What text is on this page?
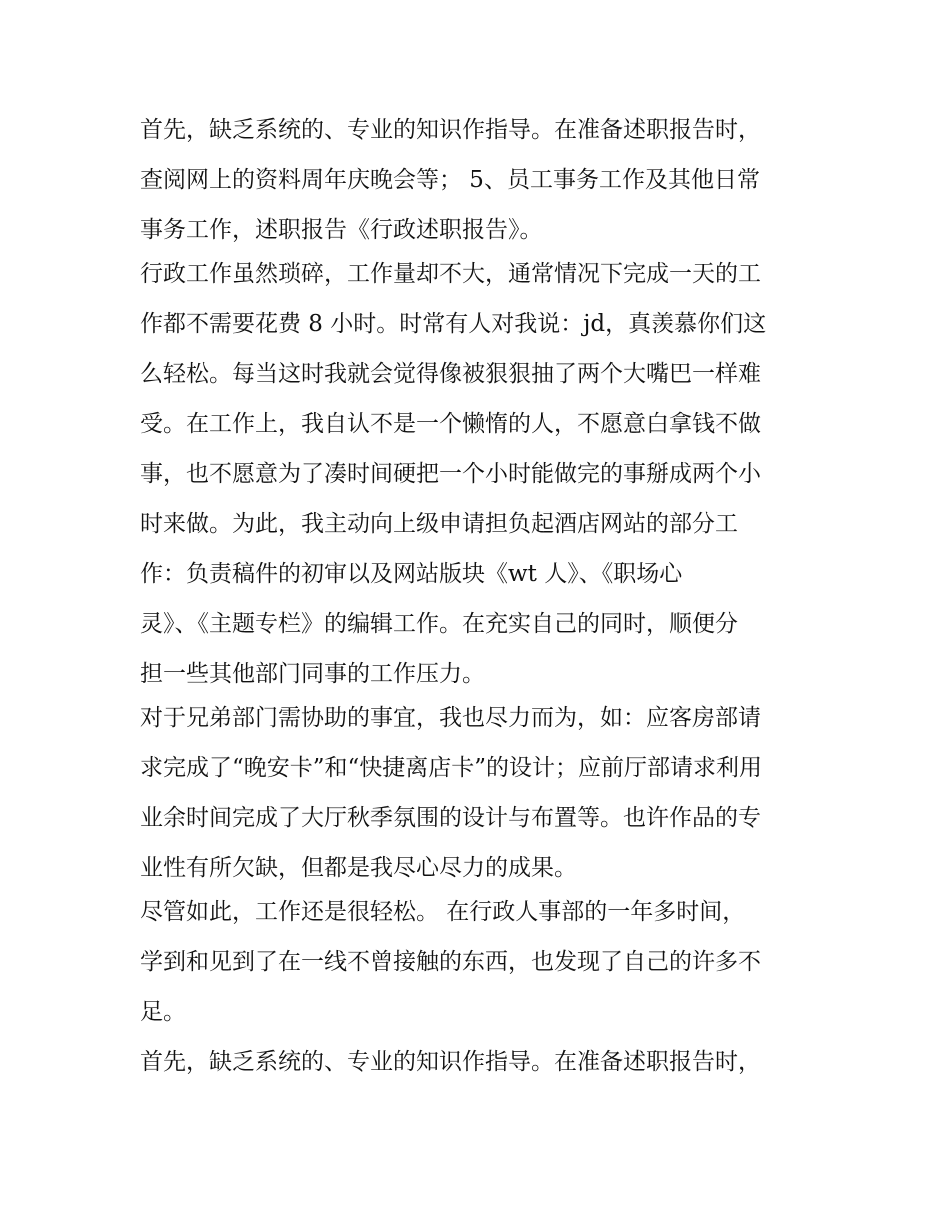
首先，缺乏系统的、专业的知识作指导。在准备述职报告时，
查阅网上的资料周年庆晚会等； 5、员工事务工作及其他日常
事务工作，述职报告《行政述职报告》。
行政工作虽然琐碎，工作量却不大，通常情况下完成一天的工
作都不需要花费 8 小时。时常有人对我说：jd，真羡慕你们这
么轻松。每当这时我就会觉得像被狠狠抽了两个大嘴巴一样难
受。在工作上，我自认不是一个懒惰的人，不愿意白拿钱不做
事，也不愿意为了凑时间硬把一个小时能做完的事掰成两个小
时来做。为此，我主动向上级申请担负起酒店网站的部分工
作：负责稿件的初审以及网站版块《wt 人》、《职场心
灵》、《主题专栏》的编辑工作。在充实自己的同时，顺便分
担一些其他部门同事的工作压力。
对于兄弟部门需协助的事宜，我也尽力而为，如：应客房部请
求完成了“晚安卡”和“快捷离店卡”的设计；应前厅部请求利用
业余时间完成了大厅秋季氛围的设计与布置等。也许作品的专
业性有所欠缺，但都是我尽心尽力的成果。
尽管如此，工作还是很轻松。 在行政人事部的一年多时间，
学到和见到了在一线不曾接触的东西，也发现了自己的许多不
足。
首先，缺乏系统的、专业的知识作指导。在准备述职报告时，
